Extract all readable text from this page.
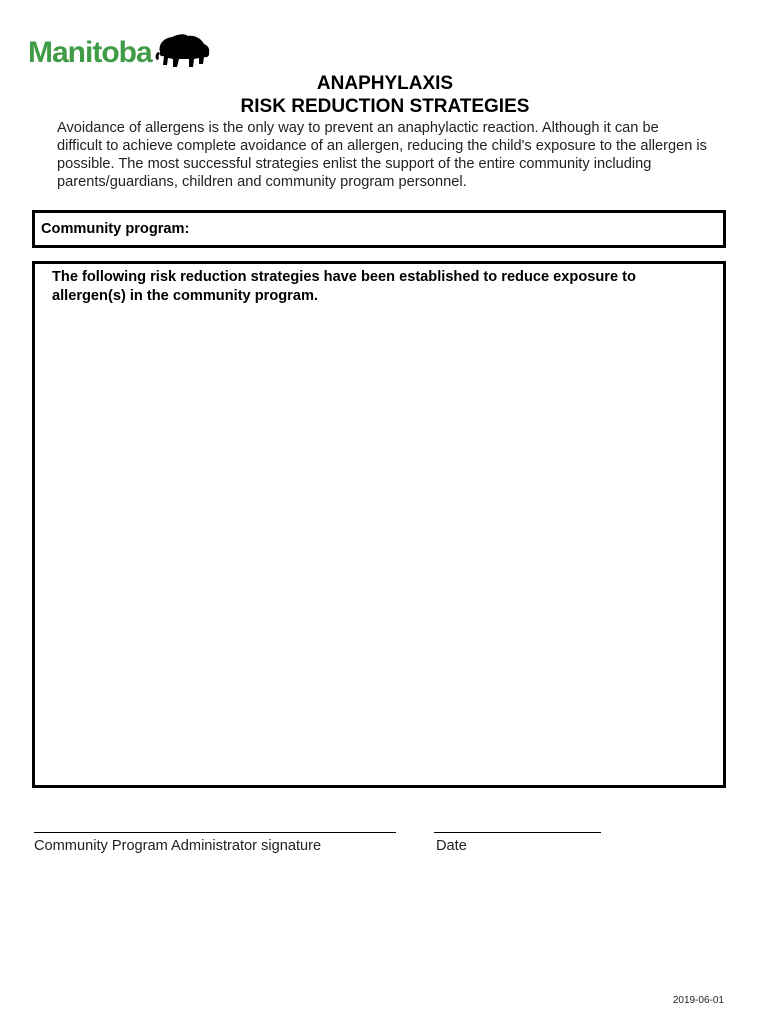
Manitoba
ANAPHYLAXIS
RISK REDUCTION STRATEGIES
Avoidance of allergens is the only way to prevent an anaphylactic reaction. Although it can be difficult to achieve complete avoidance of an allergen, reducing the child's exposure to the allergen is possible. The most successful strategies enlist the support of the entire community including parents/guardians, children and community program personnel.
Community program:
The following risk reduction strategies have been established to reduce exposure to allergen(s) in the community program.
Community Program Administrator signature	Date
2019-06-01
